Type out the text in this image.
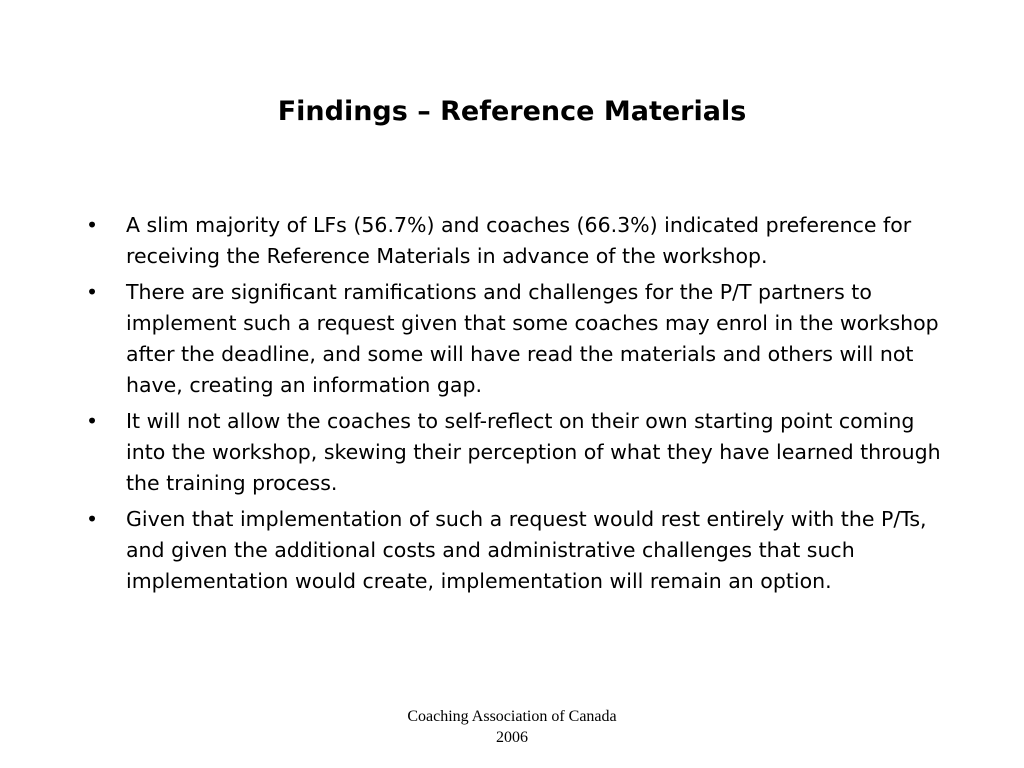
Findings – Reference Materials
•	A slim majority of LFs (56.7%) and coaches (66.3%) indicated preference for receiving the Reference Materials in advance of the workshop.
•	There are significant ramifications and challenges for the P/T partners to implement such a request given that some coaches may enrol in the workshop after the deadline, and some will have read the materials and others will not have, creating an information gap.
•	It will not allow the coaches to self-reflect on their own starting point coming into the workshop, skewing their perception of what they have learned through the training process.
•	Given that implementation of such a request would rest entirely with the P/Ts, and given the additional costs and administrative challenges that such implementation would create, implementation will remain an option.
Coaching Association of Canada
2006
